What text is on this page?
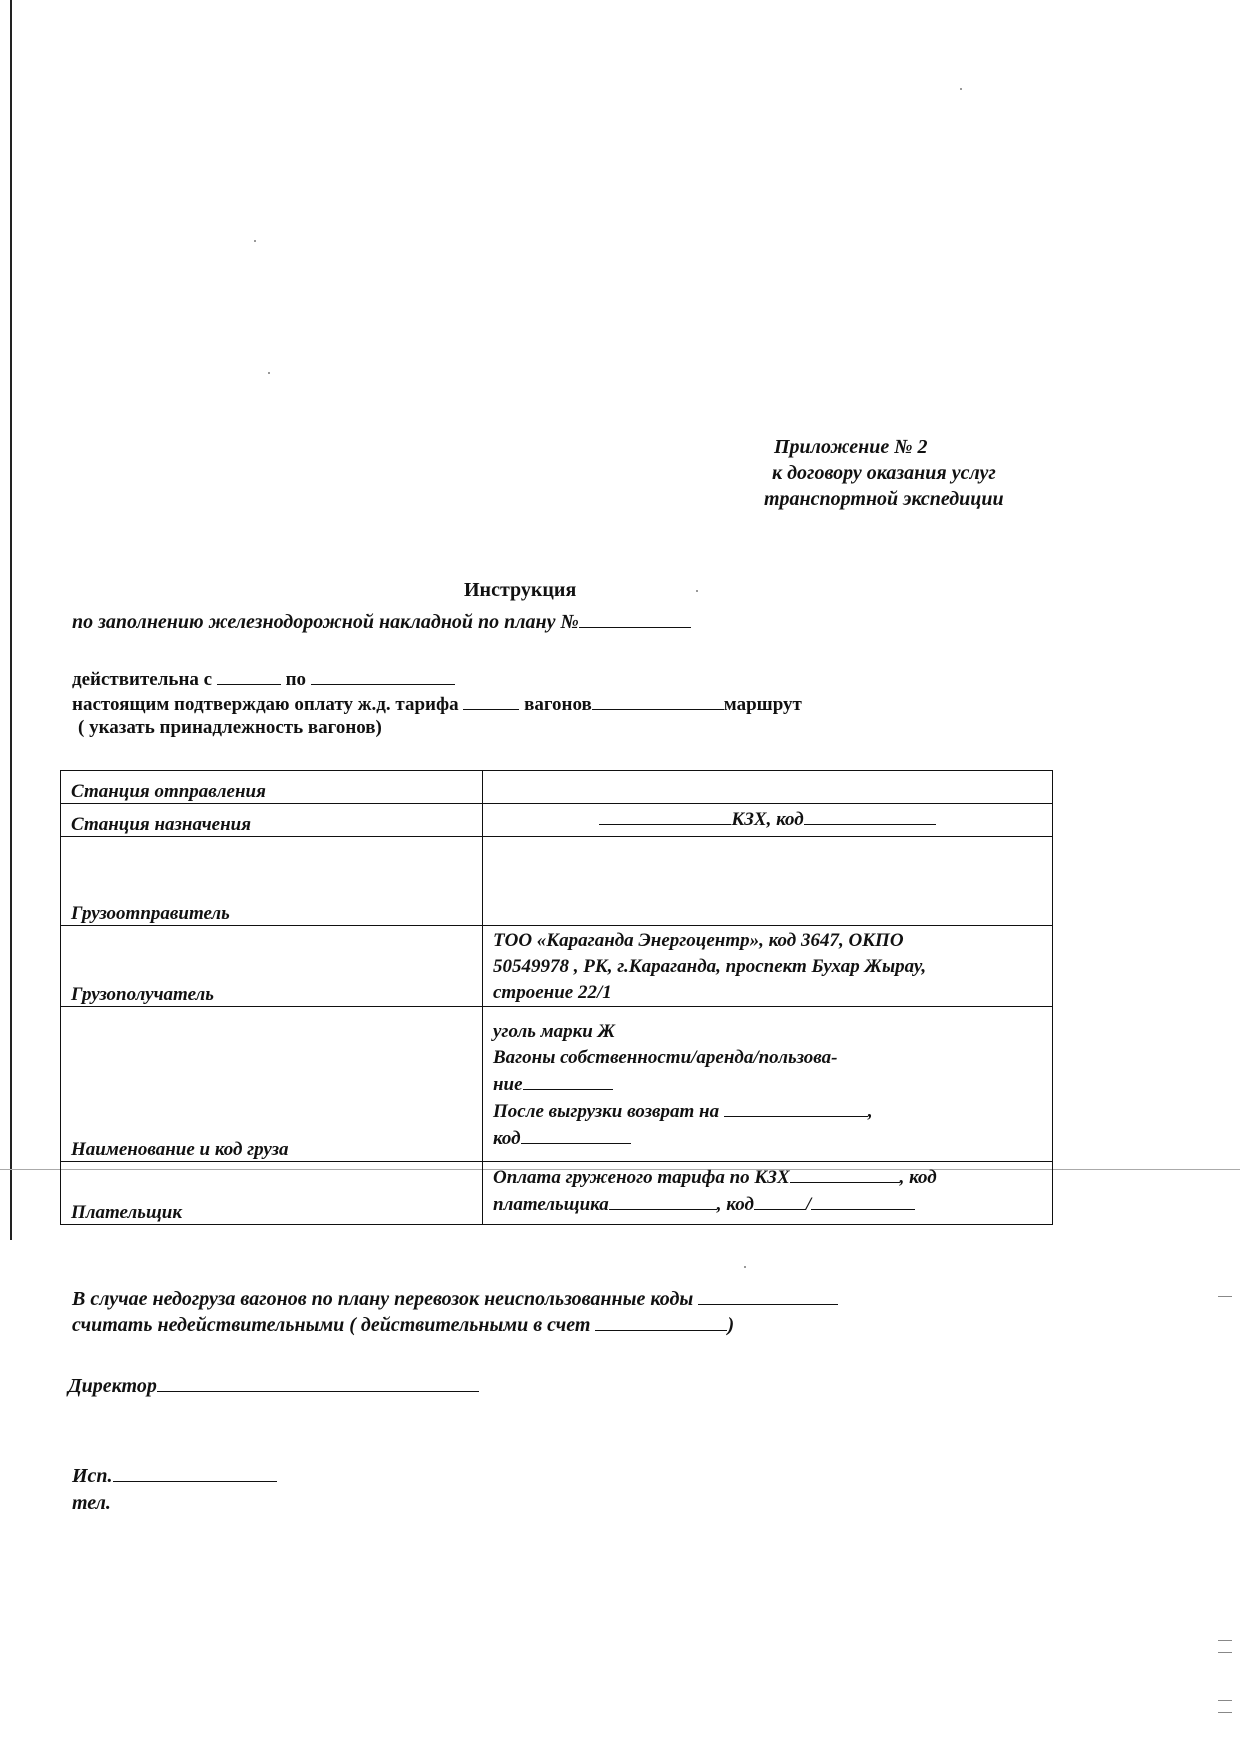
Приложение № 2
к договору оказания услуг
транспортной экспедиции
Инструкция
по заполнению железнодорожной накладной по плану №
действительна с	по
настоящим подтверждаю оплату ж.д. тарифа	вагонов	маршрут
( указать принадлежность вагонов)
Станция отправления	
Станция назначения	КЗХ, код
Грузоотправитель	
Грузополучатель	ТОО «Караганда Энергоцентр», код 3647, ОКПО
50549978 , РК, г.Караганда, проспект Бухар Жырау,
строение 22/1

Наименование и код груза	уголь марки Ж
Вагоны собственности/аренда/пользова-
ние
После выгрузки возврат на ,
код

Плательщик	Оплата груженого тарифа по КЗХ , код
плательщика , код /
В случае недогруза вагонов по плану перевозок неиспользованные коды
считать недействительными ( действительными в счет	)
Директор
Исп.
тел.
